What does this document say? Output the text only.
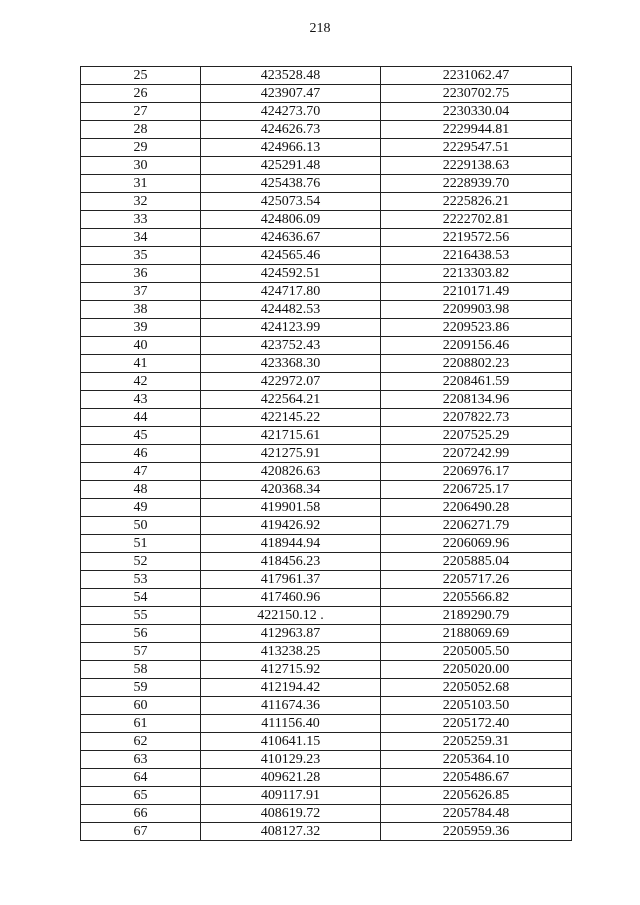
218
25	423528.48	2231062.47
26	423907.47	2230702.75
27	424273.70	2230330.04
28	424626.73	2229944.81
29	424966.13	2229547.51
30	425291.48	2229138.63
31	425438.76	2228939.70
32	425073.54	2225826.21
33	424806.09	2222702.81
34	424636.67	2219572.56
35	424565.46	2216438.53
36	424592.51	2213303.82
37	424717.80	2210171.49
38	424482.53	2209903.98
39	424123.99	2209523.86
40	423752.43	2209156.46
41	423368.30	2208802.23
42	422972.07	2208461.59
43	422564.21	2208134.96
44	422145.22	2207822.73
45	421715.61	2207525.29
46	421275.91	2207242.99
47	420826.63	2206976.17
48	420368.34	2206725.17
49	419901.58	2206490.28
50	419426.92	2206271.79
51	418944.94	2206069.96
52	418456.23	2205885.04
53	417961.37	2205717.26
54	417460.96	2205566.82
55	422150.12 .	2189290.79
56	412963.87	2188069.69
57	413238.25	2205005.50
58	412715.92	2205020.00
59	412194.42	2205052.68
60	411674.36	2205103.50
61	411156.40	2205172.40
62	410641.15	2205259.31
63	410129.23	2205364.10
64	409621.28	2205486.67
65	409117.91	2205626.85
66	408619.72	2205784.48
67	408127.32	2205959.36
